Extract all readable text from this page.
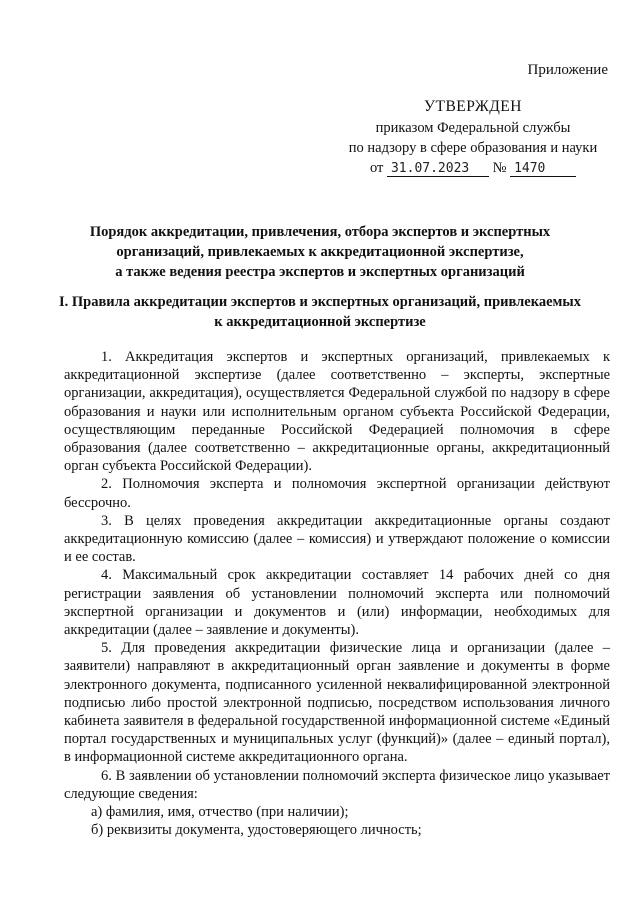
Приложение
УТВЕРЖДЕН
приказом Федеральной службы
по надзору в сфере образования и науки
от 31.07.2023 № 1470
Порядок аккредитации, привлечения, отбора экспертов и экспертных
организаций, привлекаемых к аккредитационной экспертизе,
а также ведения реестра экспертов и экспертных организаций
I. Правила аккредитации экспертов и экспертных организаций, привлекаемых
к аккредитационной экспертизе

1. Аккредитация экспертов и экспертных организаций, привлекаемых к аккредитационной экспертизе (далее соответственно – эксперты, экспертные организации, аккредитация), осуществляется Федеральной службой по надзору в сфере образования и науки или исполнительным органом субъекта Российской Федерации, осуществляющим переданные Российской Федерацией полномочия в сфере образования (далее соответственно – аккредитационные органы, аккредитационный орган субъекта Российской Федерации).

2. Полномочия эксперта и полномочия экспертной организации действуют бессрочно.

3. В целях проведения аккредитации аккредитационные органы создают аккредитационную комиссию (далее – комиссия) и утверждают положение о комиссии и ее состав.

4. Максимальный срок аккредитации составляет 14 рабочих дней со дня регистрации заявления об установлении полномочий эксперта или полномочий экспертной организации и документов и (или) информации, необходимых для аккредитации (далее – заявление и документы).

5. Для проведения аккредитации физические лица и организации (далее – заявители) направляют в аккредитационный орган заявление и документы в форме электронного документа, подписанного усиленной неквалифицированной электронной подписью либо простой электронной подписью, посредством использования личного кабинета заявителя в федеральной государственной информационной системе «Единый портал государственных и муниципальных услуг (функций)» (далее – единый портал), в информационной системе аккредитационного органа.

6. В заявлении об установлении полномочий эксперта физическое лицо указывает следующие сведения:

а) фамилия, имя, отчество (при наличии);

б) реквизиты документа, удостоверяющего личность;
